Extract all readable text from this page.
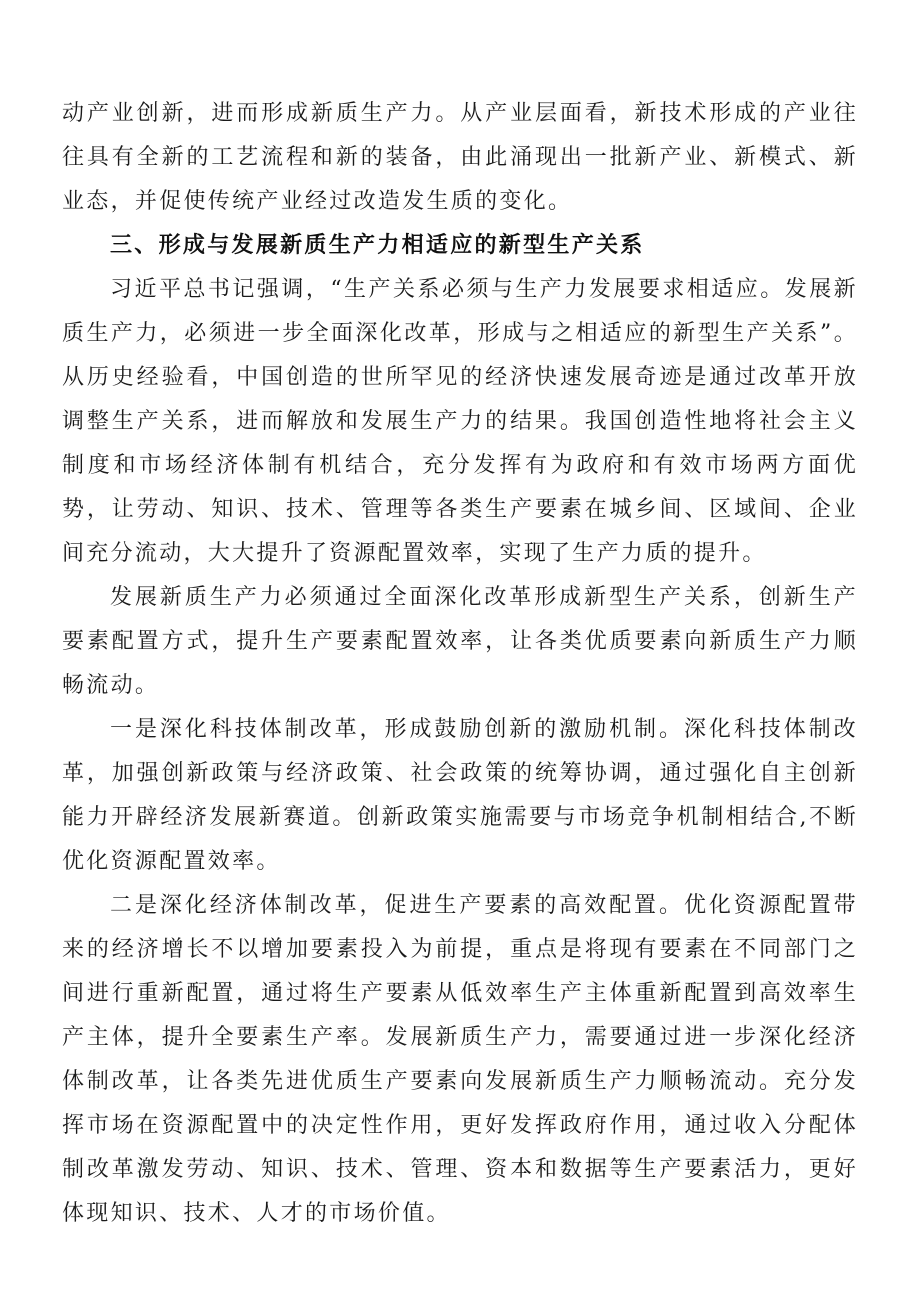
动产业创新，进而形成新质生产力。从产业层面看，新技术形成的产业往往具有全新的工艺流程和新的装备，由此涌现出一批新产业、新模式、新业态，并促使传统产业经过改造发生质的变化。

三、形成与发展新质生产力相适应的新型生产关系

习近平总书记强调，“生产关系必须与生产力发展要求相适应。发展新质生产力，必须进一步全面深化改革，形成与之相适应的新型生产关系”。从历史经验看，中国创造的世所罕见的经济快速发展奇迹是通过改革开放调整生产关系，进而解放和发展生产力的结果。我国创造性地将社会主义制度和市场经济体制有机结合，充分发挥有为政府和有效市场两方面优势，让劳动、知识、技术、管理等各类生产要素在城乡间、区域间、企业间充分流动，大大提升了资源配置效率，实现了生产力质的提升。

发展新质生产力必须通过全面深化改革形成新型生产关系，创新生产要素配置方式，提升生产要素配置效率，让各类优质要素向新质生产力顺畅流动。

一是深化科技体制改革，形成鼓励创新的激励机制。深化科技体制改革，加强创新政策与经济政策、社会政策的统筹协调，通过强化自主创新能力开辟经济发展新赛道。创新政策实施需要与市场竞争机制相结合,不断优化资源配置效率。

二是深化经济体制改革，促进生产要素的高效配置。优化资源配置带来的经济增长不以增加要素投入为前提，重点是将现有要素在不同部门之间进行重新配置，通过将生产要素从低效率生产主体重新配置到高效率生产主体，提升全要素生产率。发展新质生产力，需要通过进一步深化经济体制改革，让各类先进优质生产要素向发展新质生产力顺畅流动。充分发挥市场在资源配置中的决定性作用，更好发挥政府作用，通过收入分配体制改革激发劳动、知识、技术、管理、资本和数据等生产要素活力，更好体现知识、技术、人才的市场价值。
